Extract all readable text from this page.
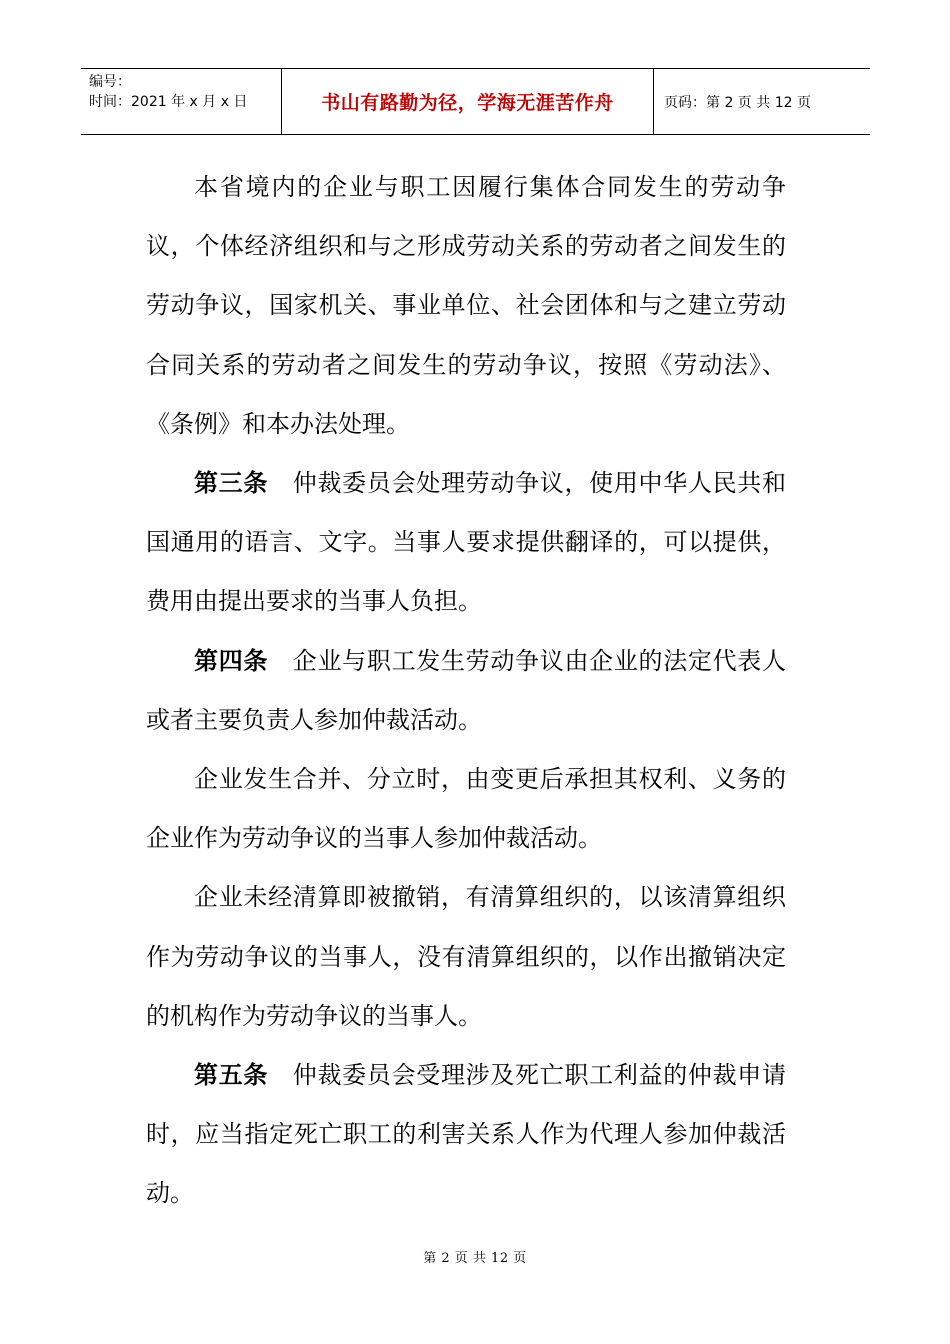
编号：
时间：2021 年 x 月 x 日	书山有路勤为径，学海无涯苦作舟	页码：第 2 页 共 12 页

本省境内的企业与职工因履行集体合同发生的劳动争议，个体经济组织和与之形成劳动关系的劳动者之间发生的劳动争议，国家机关、事业单位、社会团体和与之建立劳动合同关系的劳动者之间发生的劳动争议，按照《劳动法》、《条例》和本办法处理。

第三条　仲裁委员会处理劳动争议，使用中华人民共和国通用的语言、文字。当事人要求提供翻译的，可以提供，费用由提出要求的当事人负担。

第四条　企业与职工发生劳动争议由企业的法定代表人或者主要负责人参加仲裁活动。

企业发生合并、分立时，由变更后承担其权利、义务的企业作为劳动争议的当事人参加仲裁活动。

企业未经清算即被撤销，有清算组织的，以该清算组织作为劳动争议的当事人，没有清算组织的，以作出撤销决定的机构作为劳动争议的当事人。

第五条　仲裁委员会受理涉及死亡职工利益的仲裁申请时，应当指定死亡职工的利害关系人作为代理人参加仲裁活动。

第 2 页 共 12 页
